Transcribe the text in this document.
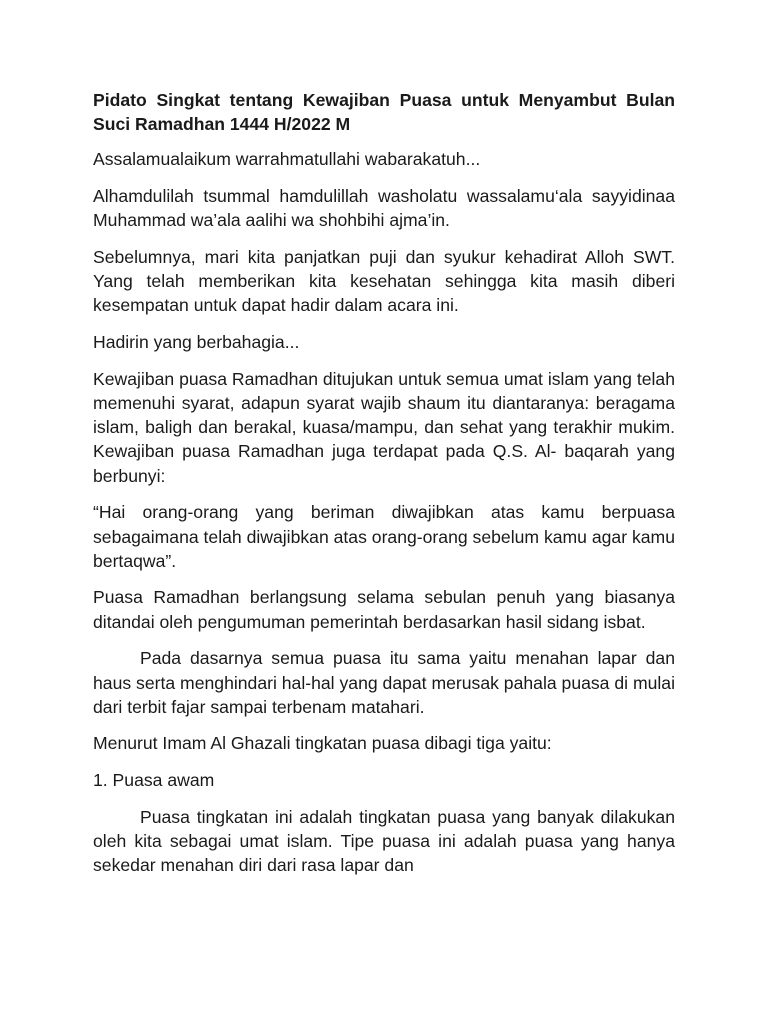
Pidato Singkat tentang Kewajiban Puasa untuk Menyambut Bulan Suci Ramadhan 1444 H/2022 M

Assalamualaikum warrahmatullahi wabarakatuh...

Alhamdulilah tsummal hamdulillah washolatu wassalamu‘ala sayyidinaa Muhammad wa’ala aalihi wa shohbihi ajma’in.

Sebelumnya, mari kita panjatkan puji dan syukur kehadirat Alloh SWT. Yang telah memberikan kita kesehatan sehingga kita masih diberi kesempatan untuk dapat hadir dalam acara ini.

Hadirin yang berbahagia...

Kewajiban puasa Ramadhan ditujukan untuk semua umat islam yang telah memenuhi syarat, adapun syarat wajib shaum itu diantaranya: beragama islam, baligh dan berakal, kuasa/mampu, dan sehat yang terakhir mukim. Kewajiban puasa Ramadhan juga terdapat pada Q.S. Al- baqarah yang berbunyi:

“Hai orang-orang yang beriman diwajibkan atas kamu berpuasa sebagaimana telah diwajibkan atas orang-orang sebelum kamu agar kamu bertaqwa”.

Puasa Ramadhan berlangsung selama sebulan penuh yang biasanya ditandai oleh pengumuman pemerintah berdasarkan hasil sidang isbat.

Pada dasarnya semua puasa itu sama yaitu menahan lapar dan haus serta menghindari hal-hal yang dapat merusak pahala puasa di mulai dari terbit fajar sampai terbenam matahari.

Menurut Imam Al Ghazali tingkatan puasa dibagi tiga yaitu:

1. Puasa awam

Puasa tingkatan ini adalah tingkatan puasa yang banyak dilakukan oleh kita sebagai umat islam. Tipe puasa ini adalah puasa yang hanya sekedar menahan diri dari rasa lapar dan
